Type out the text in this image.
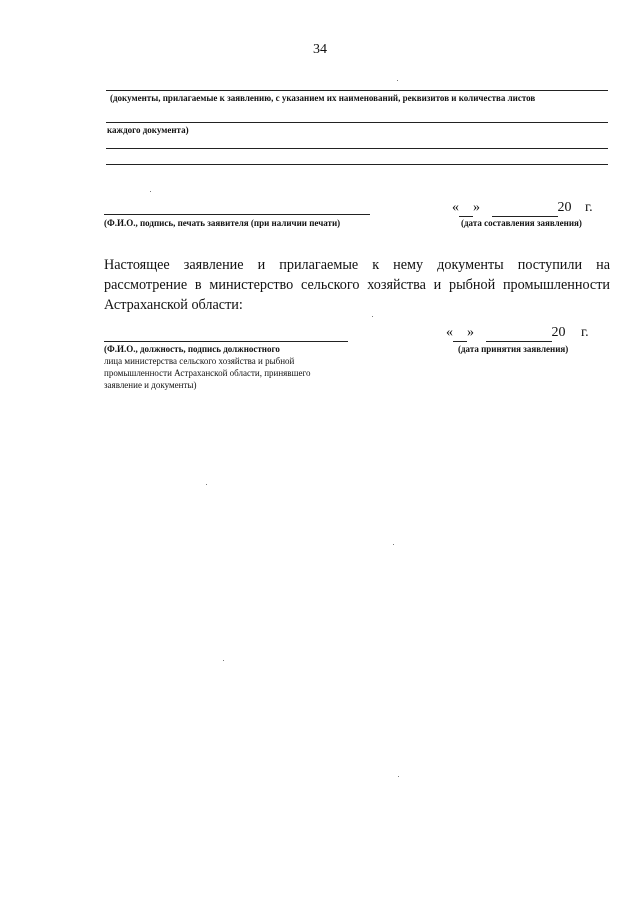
34
(документы, прилагаемые к заявлению, с указанием их наименований, реквизитов и количества листов
каждого документа)
(Ф.И.О., подпись, печать заявителя (при наличии печати)
« »	20 г.
(дата составления заявления)
Настоящее заявление и прилагаемые к нему документы поступили на рассмотрение в министерство сельского хозяйства и рыбной промышленности Астраханской области:
(Ф.И.О., должность, подпись должностного
лица министерства сельского хозяйства и рыбной
промышленности Астраханской области, принявшего
заявление и документы)
« »	20 г.
(дата принятия заявления)
